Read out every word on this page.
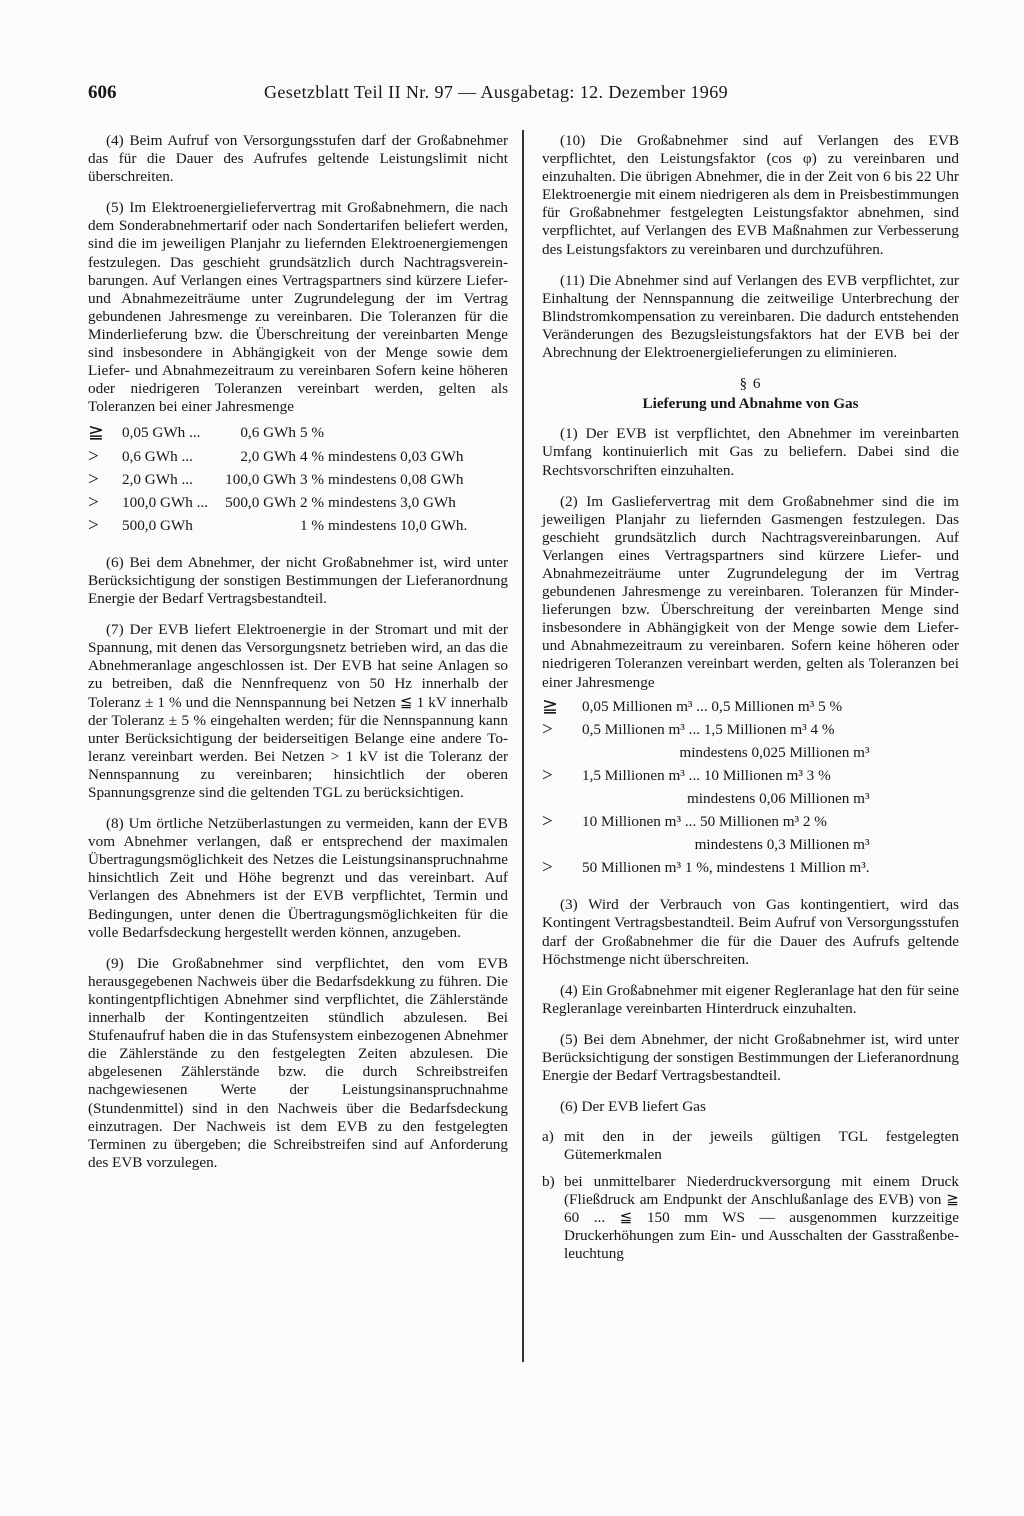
606	Gesetzblatt Teil II Nr. 97 — Ausgabetag: 12. Dezember 1969

(4) Beim Aufruf von Versorgungsstufen darf der Großabnehmer das für die Dauer des Aufrufes geltende Leistungslimit nicht überschreiten.

(5) Im Elektroenergieliefervertrag mit Großabnehmern, die nach dem Sonderabnehmertarif oder nach Sondertarifen beliefert werden, sind die im jeweiligen Planjahr zu liefernden Elektroenergiemengen festzulegen. Das geschieht grundsätzlich durch Nachtragsvereinbarungen. Auf Verlangen eines Vertragspartners sind kürzere Liefer- und Abnahmezeiträume unter Zugrundelegung der im Vertrag gebundenen Jahresmenge zu vereinbaren. Die Toleranzen für die Minderlieferung bzw. die Überschreitung der vereinbarten Menge sind insbesondere in Abhängigkeit von der Menge sowie dem Liefer- und Abnahmezeitraum zu vereinbaren Sofern keine höheren oder niedrigeren Toleranzen vereinbart werden, gelten als Toleranzen bei einer Jahresmenge

≧	0,05 GWh ...	0,6 GWh	5 %	
>	0,6 GWh ...	2,0 GWh	4 %	mindestens 0,03 GWh
>	2,0 GWh ...	100,0 GWh	3 %	mindestens 0,08 GWh
>	100,0 GWh ...	500,0 GWh	2 %	mindestens 3,0 GWh
>	500,0 GWh		1 %	mindestens 10,0 GWh.

(6) Bei dem Abnehmer, der nicht Großabnehmer ist, wird unter Berücksichtigung der sonstigen Bestimmungen der Lieferanordnung Energie der Bedarf Vertragsbestandteil.

(7) Der EVB liefert Elektroenergie in der Stromart und mit der Spannung, mit denen das Versorgungsnetz betrieben wird, an das die Abnehmeranlage angeschlossen ist. Der EVB hat seine Anlagen so zu betreiben, daß die Nennfrequenz von 50 Hz innerhalb der Toleranz ± 1 % und die Nennspannung bei Netzen ≦ 1 kV innerhalb der Toleranz ± 5 % eingehalten werden; für die Nennspannung kann unter Berücksichtigung der beiderseitigen Belange eine andere Toleranz vereinbart werden. Bei Netzen > 1 kV ist die Toleranz der Nennspannung zu vereinbaren; hinsichtlich der oberen Spannungsgrenze sind die geltenden TGL zu berücksichtigen.

(8) Um örtliche Netzüberlastungen zu vermeiden, kann der EVB vom Abnehmer verlangen, daß er entsprechend der maximalen Übertragungsmöglichkeit des Netzes die Leistungsinanspruchnahme hinsichtlich Zeit und Höhe begrenzt und das vereinbart. Auf Verlangen des Abnehmers ist der EVB verpflichtet, Termin und Bedingungen, unter denen die Übertragungsmöglichkeiten für die volle Bedarfsdeckung hergestellt werden können, anzugeben.

(9) Die Großabnehmer sind verpflichtet, den vom EVB herausgegebenen Nachweis über die Bedarfsdekkung zu führen. Die kontingentpflichtigen Abnehmer sind verpflichtet, die Zählerstände innerhalb der Kontingentzeiten stündlich abzulesen. Bei Stufenaufruf haben die in das Stufensystem einbezogenen Abnehmer die Zählerstände zu den festgelegten Zeiten abzulesen. Die abgelesenen Zählerstände bzw. die durch Schreibstreifen nachgewiesenen Werte der Leistungsinanspruchnahme (Stundenmittel) sind in den Nachweis über die Bedarfsdeckung einzutragen. Der Nachweis ist dem EVB zu den festgelegten Terminen zu übergeben; die Schreibstreifen sind auf Anforderung des EVB vorzulegen.

(10) Die Großabnehmer sind auf Verlangen des EVB verpflichtet, den Leistungsfaktor (cos φ) zu vereinbaren und einzuhalten. Die übrigen Abnehmer, die in der Zeit von 6 bis 22 Uhr Elektroenergie mit einem niedrigeren als dem in Preisbestimmungen für Großabnehmer festgelegten Leistungsfaktor abnehmen, sind verpflichtet, auf Verlangen des EVB Maßnahmen zur Verbesserung des Leistungsfaktors zu vereinbaren und durchzuführen.

(11) Die Abnehmer sind auf Verlangen des EVB verpflichtet, zur Einhaltung der Nennspannung die zeitweilige Unterbrechung der Blindstromkompensation zu vereinbaren. Die dadurch entstehenden Veränderungen des Bezugsleistungsfaktors hat der EVB bei der Abrechnung der Elektroenergielieferungen zu eliminieren.

§ 6

Lieferung und Abnahme von Gas

(1) Der EVB ist verpflichtet, den Abnehmer im vereinbarten Umfang kontinuierlich mit Gas zu beliefern. Dabei sind die Rechtsvorschriften einzuhalten.

(2) Im Gasliefervertrag mit dem Großabnehmer sind die im jeweiligen Planjahr zu liefernden Gasmengen festzulegen. Das geschieht grundsätzlich durch Nachtragsvereinbarungen. Auf Verlangen eines Vertragspartners sind kürzere Liefer- und Abnahmezeiträume unter Zugrundelegung der im Vertrag gebundenen Jahresmenge zu vereinbaren. Toleranzen für Minderlieferungen bzw. Überschreitung der vereinbarten Menge sind insbesondere in Abhängigkeit von der Menge sowie dem Liefer- und Abnahmezeitraum zu vereinbaren. Sofern keine höheren oder niedrigeren Toleranzen vereinbart werden, gelten als Toleranzen bei einer Jahresmenge

≧	0,05 Millionen m³ ... 0,5 Millionen m³ 5 %
>	0,5 Millionen m³ ... 1,5 Millionen m³ 4 %
	mindestens 0,025 Millionen m³
>	1,5 Millionen m³ ... 10 Millionen m³ 3 %
	mindestens 0,06 Millionen m³
>	10 Millionen m³ ... 50 Millionen m³ 2 %
	mindestens 0,3 Millionen m³
>	50 Millionen m³ 1 %, mindestens 1 Million m³.

(3) Wird der Verbrauch von Gas kontingentiert, wird das Kontingent Vertragsbestandteil. Beim Aufruf von Versorgungsstufen darf der Großabnehmer die für die Dauer des Aufrufs geltende Höchstmenge nicht überschreiten.

(4) Ein Großabnehmer mit eigener Regleranlage hat den für seine Regleranlage vereinbarten Hinterdruck einzuhalten.

(5) Bei dem Abnehmer, der nicht Großabnehmer ist, wird unter Berücksichtigung der sonstigen Bestimmungen der Lieferanordnung Energie der Bedarf Vertragsbestandteil.

(6) Der EVB liefert Gas

a) mit den in der jeweils gültigen TGL festgelegten Gütemerkmalen
b) bei unmittelbarer Niederdruckversorgung mit einem Druck (Fließdruck am Endpunkt der Anschlußanlage des EVB) von ≧ 60 ... ≦ 150 mm WS — ausgenommen kurzzeitige Druckerhöhungen zum Ein- und Ausschalten der Gasstraßenbeleuchtung
